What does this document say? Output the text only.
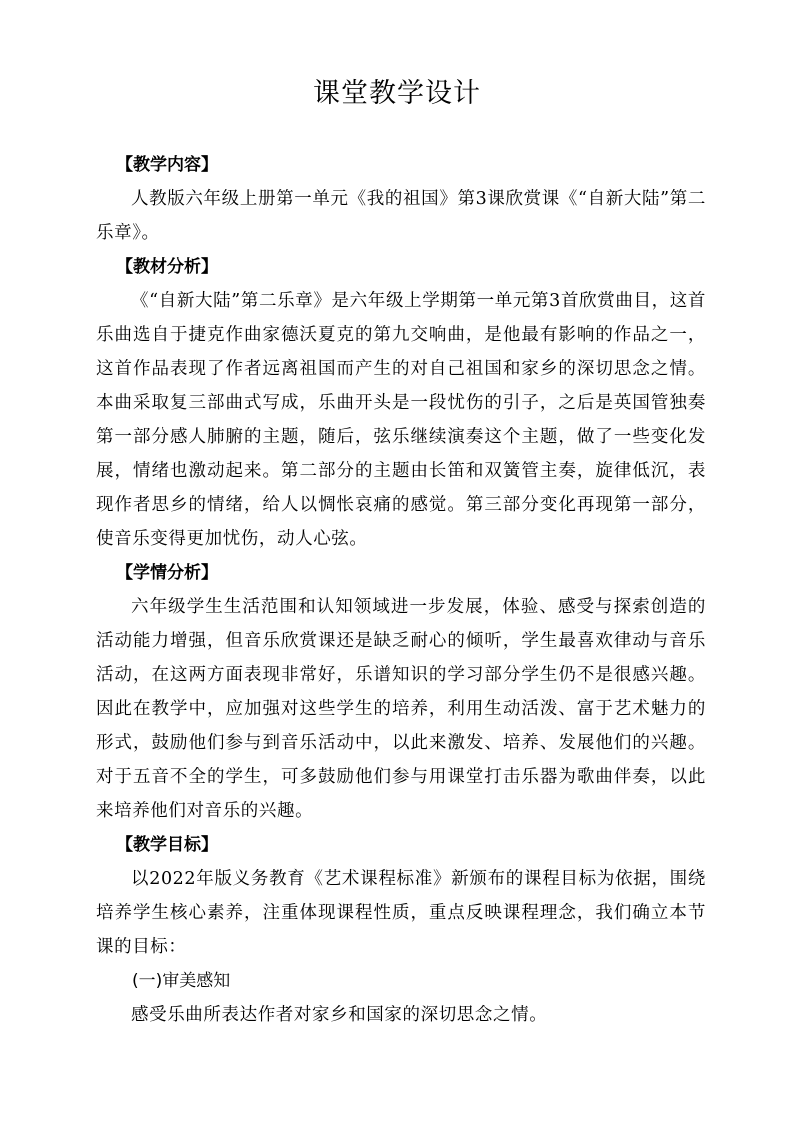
课堂教学设计

【教学内容】

人教版六年级上册第一单元《我的祖国》第3课欣赏课《“自新大陆”第二乐章》。

【教材分析】

《“自新大陆”第二乐章》是六年级上学期第一单元第3首欣赏曲目，这首乐曲选自于捷克作曲家德沃夏克的第九交响曲，是他最有影响的作品之一，这首作品表现了作者远离祖国而产生的对自己祖国和家乡的深切思念之情。本曲采取复三部曲式写成，乐曲开头是一段忧伤的引子，之后是英国管独奏第一部分感人肺腑的主题，随后，弦乐继续演奏这个主题，做了一些变化发展，情绪也激动起来。第二部分的主题由长笛和双簧管主奏，旋律低沉，表现作者思乡的情绪，给人以惆怅哀痛的感觉。第三部分变化再现第一部分，使音乐变得更加忧伤，动人心弦。

【学情分析】

六年级学生生活范围和认知领域进一步发展，体验、感受与探索创造的活动能力增强，但音乐欣赏课还是缺乏耐心的倾听，学生最喜欢律动与音乐活动，在这两方面表现非常好，乐谱知识的学习部分学生仍不是很感兴趣。因此在教学中，应加强对这些学生的培养，利用生动活泼、富于艺术魅力的形式，鼓励他们参与到音乐活动中，以此来激发、培养、发展他们的兴趣。对于五音不全的学生，可多鼓励他们参与用课堂打击乐器为歌曲伴奏，以此来培养他们对音乐的兴趣。

【教学目标】

以2022年版义务教育《艺术课程标准》新颁布的课程目标为依据，围绕培养学生核心素养，注重体现课程性质，重点反映课程理念，我们确立本节课的目标：

(一)审美感知

感受乐曲所表达作者对家乡和国家的深切思念之情。
